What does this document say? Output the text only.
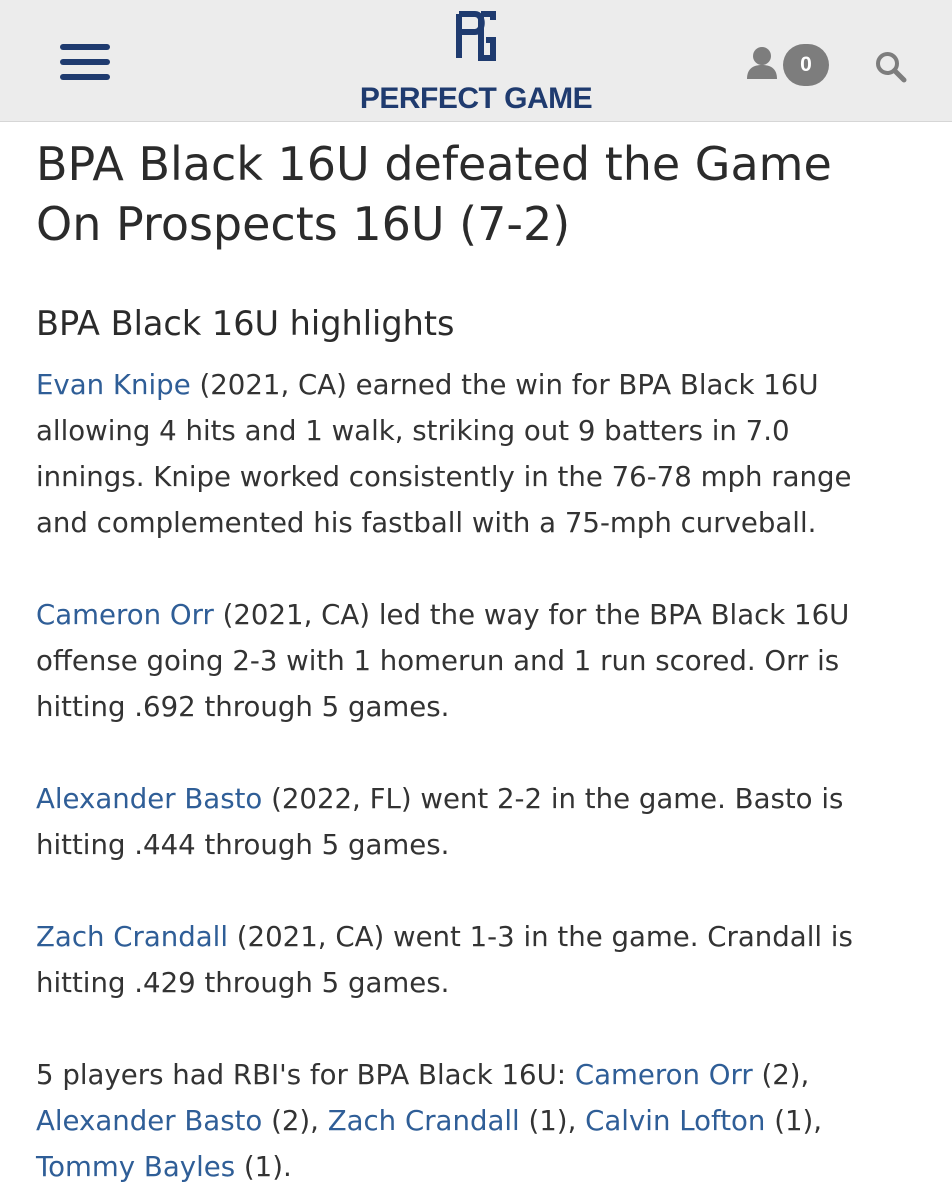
PERFECT GAME
0
BPA Black 16U defeated the Game
On Prospects 16U (7-2)
BPA Black 16U highlights

Evan Knipe (2021, CA) earned the win for BPA Black 16U
allowing 4 hits and 1 walk, striking out 9 batters in 7.0
innings. Knipe worked consistently in the 76-78 mph range
and complemented his fastball with a 75-mph curveball.

Cameron Orr (2021, CA) led the way for the BPA Black 16U
offense going 2-3 with 1 homerun and 1 run scored. Orr is
hitting .692 through 5 games.

Alexander Basto (2022, FL) went 2-2 in the game. Basto is
hitting .444 through 5 games.

Zach Crandall (2021, CA) went 1-3 in the game. Crandall is
hitting .429 through 5 games.

5 players had RBI's for BPA Black 16U: Cameron Orr (2),
Alexander Basto (2), Zach Crandall (1), Calvin Lofton (1),
Tommy Bayles (1).
